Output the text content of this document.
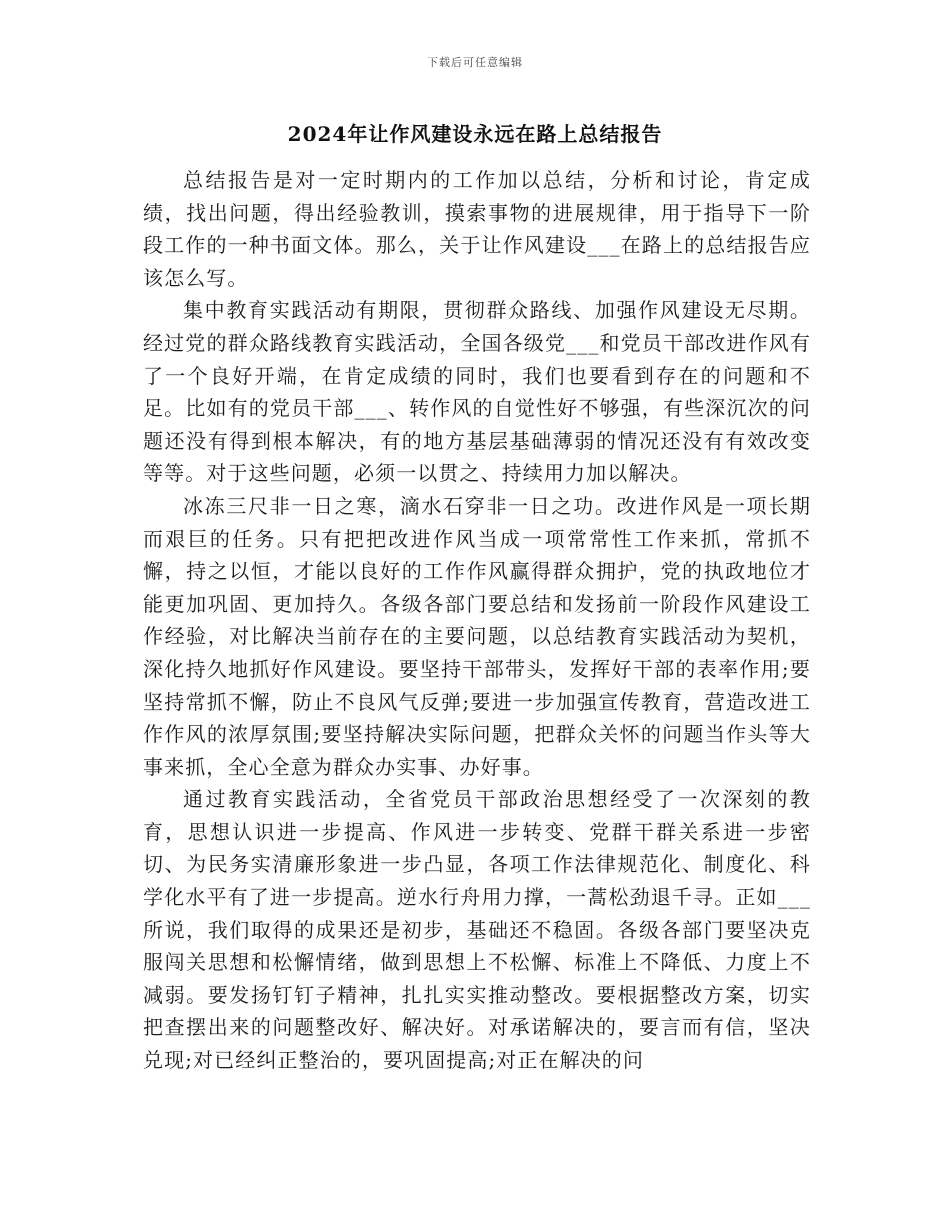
下载后可任意编辑
2024年让作风建设永远在路上总结报告

总结报告是对一定时期内的工作加以总结，分析和讨论，肯定成绩，找出问题，得出经验教训，摸索事物的进展规律，用于指导下一阶段工作的一种书面文体。那么，关于让作风建设___在路上的总结报告应该怎么写。

集中教育实践活动有期限，贯彻群众路线、加强作风建设无尽期。经过党的群众路线教育实践活动，全国各级党___和党员干部改进作风有了一个良好开端，在肯定成绩的同时，我们也要看到存在的问题和不足。比如有的党员干部___、转作风的自觉性好不够强，有些深沉次的问题还没有得到根本解决，有的地方基层基础薄弱的情况还没有有效改变等等。对于这些问题，必须一以贯之、持续用力加以解决。

冰冻三尺非一日之寒，滴水石穿非一日之功。改进作风是一项长期而艰巨的任务。只有把把改进作风当成一项常常性工作来抓，常抓不懈，持之以恒，才能以良好的工作作风赢得群众拥护，党的执政地位才能更加巩固、更加持久。各级各部门要总结和发扬前一阶段作风建设工作经验，对比解决当前存在的主要问题，以总结教育实践活动为契机，深化持久地抓好作风建设。要坚持干部带头，发挥好干部的表率作用;要坚持常抓不懈，防止不良风气反弹;要进一步加强宣传教育，营造改进工作作风的浓厚氛围;要坚持解决实际问题，把群众关怀的问题当作头等大事来抓，全心全意为群众办实事、办好事。

通过教育实践活动，全省党员干部政治思想经受了一次深刻的教育，思想认识进一步提高、作风进一步转变、党群干群关系进一步密切、为民务实清廉形象进一步凸显，各项工作法律规范化、制度化、科学化水平有了进一步提高。逆水行舟用力撑，一蒿松劲退千寻。正如___所说，我们取得的成果还是初步，基础还不稳固。各级各部门要坚决克服闯关思想和松懈情绪，做到思想上不松懈、标准上不降低、力度上不减弱。要发扬钉钉子精神，扎扎实实推动整改。要根据整改方案，切实把查摆出来的问题整改好、解决好。对承诺解决的，要言而有信，坚决兑现;对已经纠正整治的，要巩固提高;对正在解决的问
